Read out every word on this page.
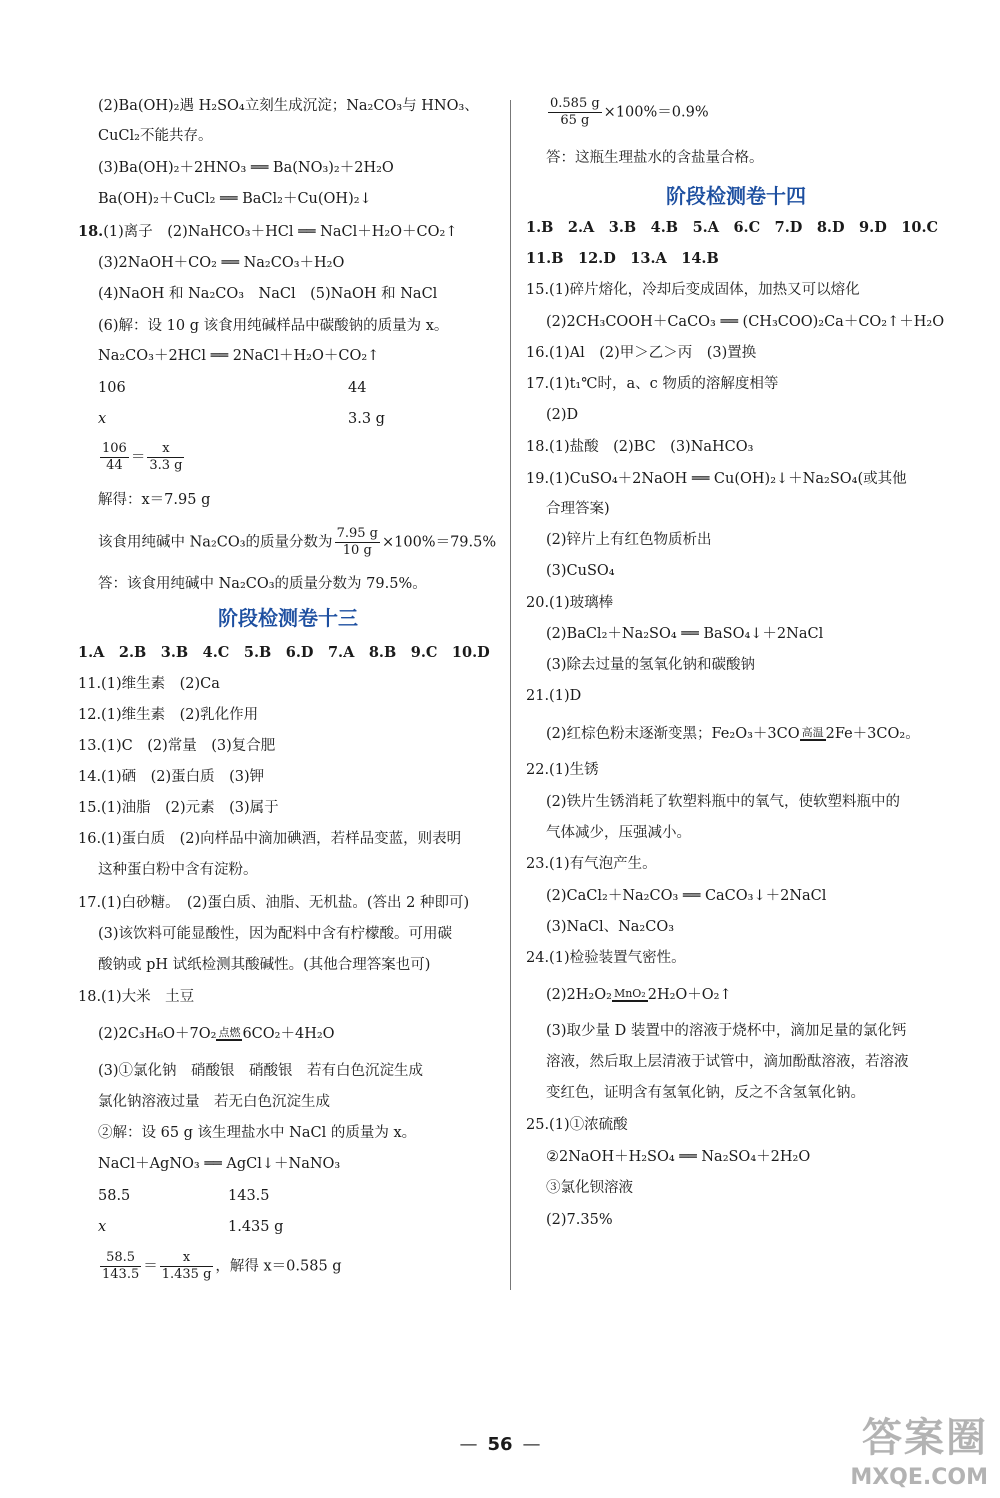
(2)Ba(OH)₂遇 H₂SO₄立刻生成沉淀；Na₂CO₃与 HNO₃、
CuCl₂不能共存。
(3)Ba(OH)₂＋2HNO₃ ══ Ba(NO₃)₂＋2H₂O
Ba(OH)₂＋CuCl₂ ══ BaCl₂＋Cu(OH)₂↓
18.(1)离子　(2)NaHCO₃＋HCl ══ NaCl＋H₂O＋CO₂↑
(3)2NaOH＋CO₂ ══ Na₂CO₃＋H₂O
(4)NaOH 和 Na₂CO₃　NaCl　(5)NaOH 和 NaCl
(6)解：设 10 g 该食用纯碱样品中碳酸钠的质量为 x。
Na₂CO₃＋2HCl ══ 2NaCl＋H₂O＋CO₂↑
106	44
x	3.3 g
$\frac{106}{44} = \frac{x}{3.3 g}$
解得：x＝7.95 g
该食用纯碱中 Na₂CO₃的质量分数为 $\frac{7.95 g}{10 g} \times 100\%=79.5\%$
答：该食用纯碱中 Na₂CO₃的质量分数为 79.5%。
阶段检测卷十三
1.A　2.B　3.B　4.C　5.B　6.D　7.A　8.B　9.C　10.D
11.(1)维生素　(2)Ca
12.(1)维生素　(2)乳化作用
13.(1)C　(2)常量　(3)复合肥
14.(1)硒　(2)蛋白质　(3)钾
15.(1)油脂　(2)元素　(3)属于
16.(1)蛋白质　(2)向样品中滴加碘酒，若样品变蓝，则表明
这种蛋白粉中含有淀粉。
17.(1)白砂糖。　(2)蛋白质、油脂、无机盐。(答出 2 种即可)
(3)该饮料可能显酸性，因为配料中含有柠檬酸。可用碳
酸钠或 pH 试纸检测其酸碱性。(其他合理答案也可)
18.(1)大米　土豆
(2)2C₃H₆O＋7O₂ 点燃 6CO₂＋4H₂O
(3)①氯化钠　硝酸银　硝酸银　若有白色沉淀生成
氯化钠溶液过量　若无白色沉淀生成
②解：设 65 g 该生理盐水中 NaCl 的质量为 x。
NaCl＋AgNO₃ ══ AgCl↓＋NaNO₃
58.5	143.5
x	1.435 g
$\frac{58.5}{143.5} = \frac{x}{1.435 g}$ ，解得 x＝0.585 g
$\frac{0.585 g}{65 g} \times 100\%=0.9\%$
答：这瓶生理盐水的含盐量合格。
阶段检测卷十四
1.B　2.A　3.B　4.B　5.A　6.C　7.D　8.D　9.D　10.C
11.B　12.D　13.A　14.B
15.(1)碎片熔化，冷却后变成固体，加热又可以熔化
(2)2CH₃COOH＋CaCO₃ ══ (CH₃COO)₂Ca＋CO₂↑＋H₂O
16.(1)Al　(2)甲＞乙＞丙　(3)置换
17.(1)t₁℃时，a、c 物质的溶解度相等
(2)D
18.(1)盐酸　(2)BC　(3)NaHCO₃
19.(1)CuSO₄＋2NaOH ══ Cu(OH)₂↓＋Na₂SO₄(或其他
合理答案)
(2)锌片上有红色物质析出
(3)CuSO₄
20.(1)玻璃棒
(2)BaCl₂＋Na₂SO₄ ══ BaSO₄↓＋2NaCl
(3)除去过量的氢氧化钠和碳酸钠
21.(1)D
(2)红棕色粉末逐渐变黑；Fe₂O₃＋3CO 高温 2Fe＋3CO₂。
22.(1)生锈
(2)铁片生锈消耗了软塑料瓶中的氧气，使软塑料瓶中的
气体减少，压强减小。
23.(1)有气泡产生。
(2)CaCl₂＋Na₂CO₃ ══ CaCO₃↓＋2NaCl
(3)NaCl、Na₂CO₃
24.(1)检验装置气密性。
(2)2H₂O₂ MnO₂ 2H₂O＋O₂↑
(3)取少量 D 装置中的溶液于烧杯中，滴加足量的氯化钙
溶液，然后取上层清液于试管中，滴加酚酞溶液，若溶液
变红色，证明含有氢氧化钠，反之不含氢氧化钠。
25.(1)①浓硫酸
②2NaOH＋H₂SO₄ ══ Na₂SO₄＋2H₂O
③氯化钡溶液
(2)7.35%
— 56 —	答案圈
MXQE.COM
